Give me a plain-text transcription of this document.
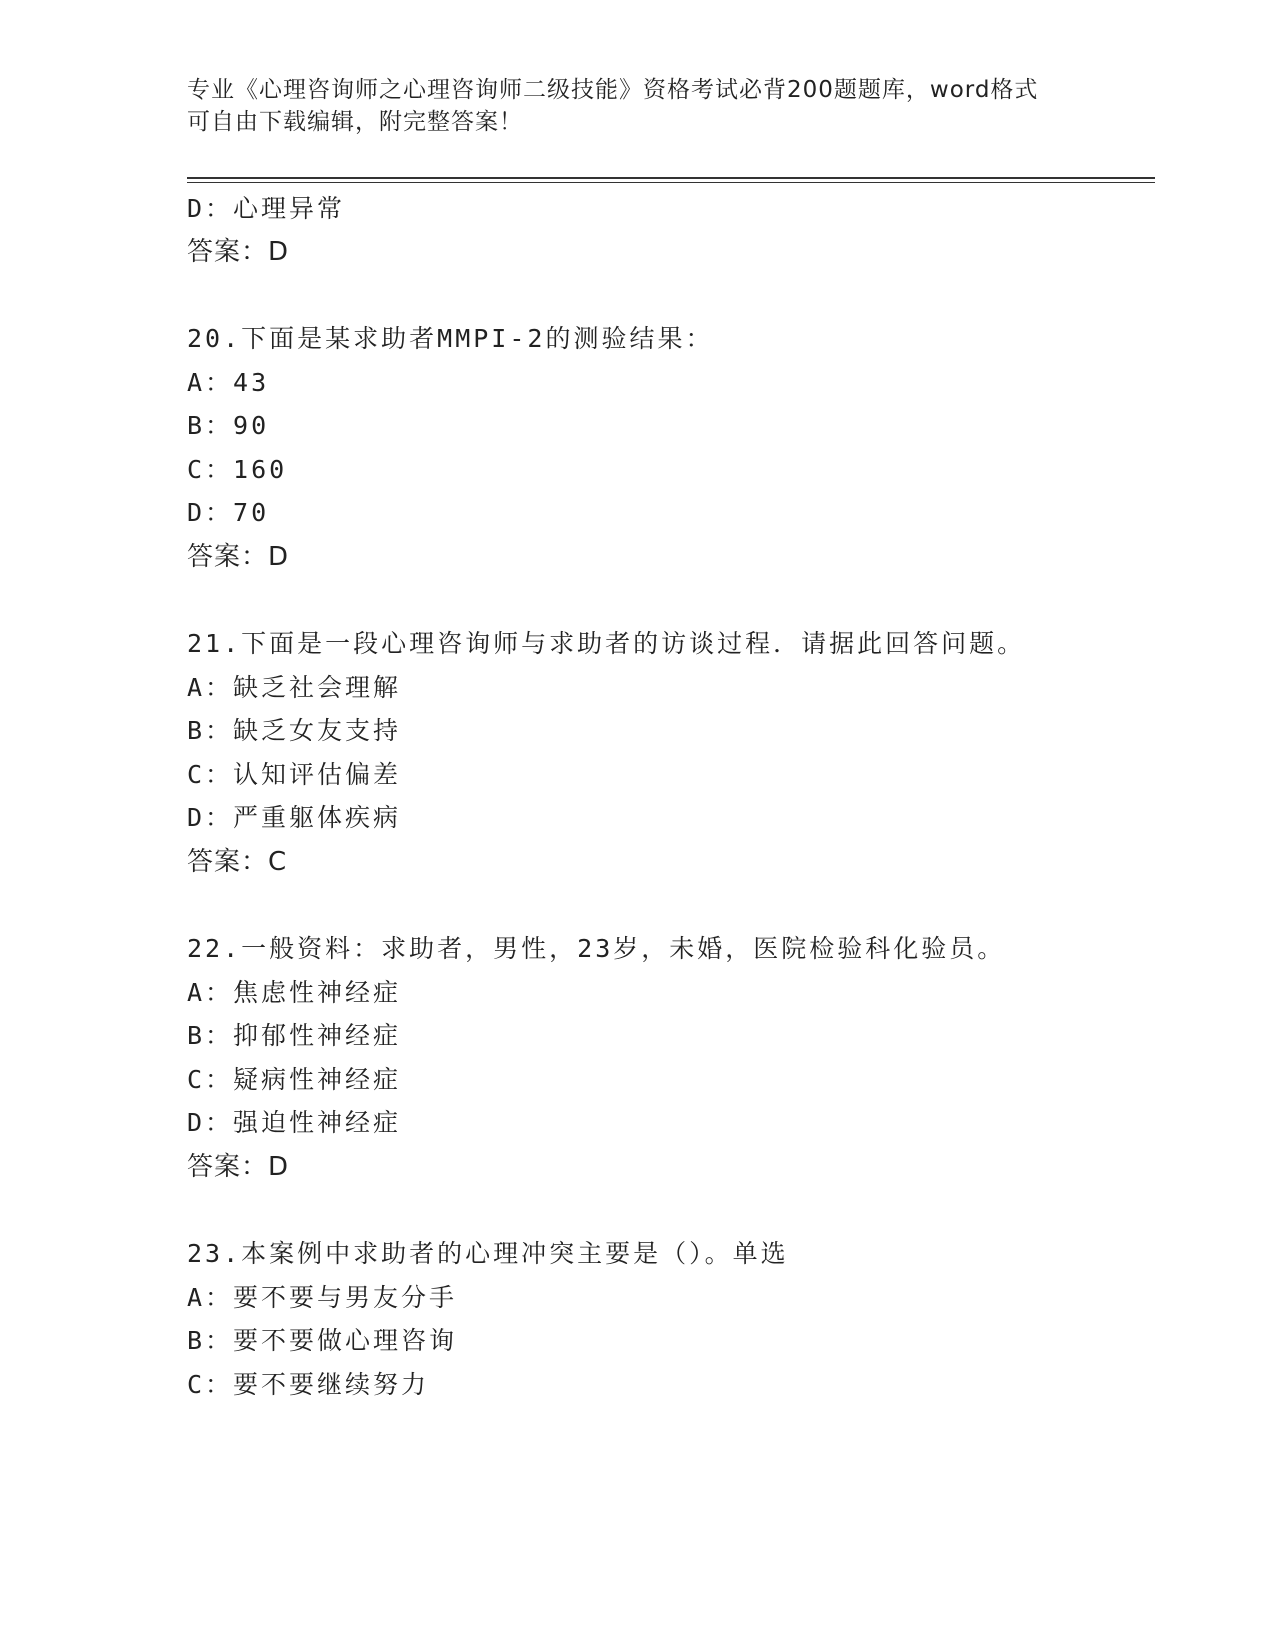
专业《心理咨询师之心理咨询师二级技能》资格考试必背200题题库，word格式
可自由下载编辑，附完整答案！
D：心理异常
答案：D
20.下面是某求助者MMPI-2的测验结果：
A：43
B：90
C：160
D：70
答案：D
21.下面是一段心理咨询师与求助者的访谈过程．请据此回答问题。
A：缺乏社会理解
B：缺乏女友支持
C：认知评估偏差
D：严重躯体疾病
答案：C
22.一般资料：求助者，男性，23岁，未婚，医院检验科化验员。
A：焦虑性神经症
B：抑郁性神经症
C：疑病性神经症
D：强迫性神经症
答案：D
23.本案例中求助者的心理冲突主要是（）。单选
A：要不要与男友分手
B：要不要做心理咨询
C：要不要继续努力
